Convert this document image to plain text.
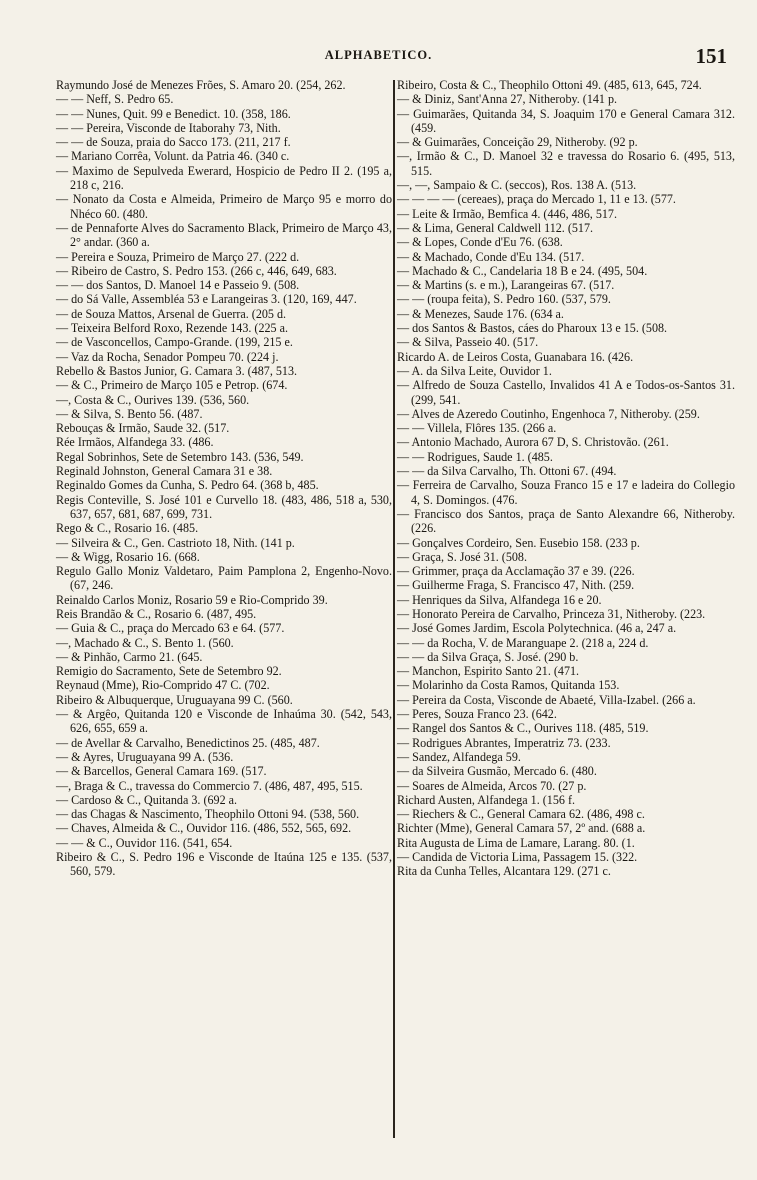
ALPHABETICO.	151

Raymundo José de Menezes Frões, S. Amaro 20. (254, 262.

— — Neff, S. Pedro 65.

— — Nunes, Quit. 99 e Benedict. 10. (358, 186.

— — Pereira, Visconde de Itaborahy 73, Nith.

— — de Souza, praia do Sacco 173. (211, 217 f.

— Mariano Corrêa, Volunt. da Patria 46. (340 c.

— Maximo de Sepulveda Ewerard, Hospicio de Pedro II 2. (195 a, 218 c, 216.

— Nonato da Costa e Almeida, Primeiro de Março 95 e morro do Nhéco 60. (480.

— de Pennaforte Alves do Sacramento Black, Primeiro de Março 43, 2° andar. (360 a.

— Pereira e Souza, Primeiro de Março 27. (222 d.

— Ribeiro de Castro, S. Pedro 153. (266 c, 446, 649, 683.

— — dos Santos, D. Manoel 14 e Passeio 9. (508.

— do Sá Valle, Assembléa 53 e Larangeiras 3. (120, 169, 447.

— de Souza Mattos, Arsenal de Guerra. (205 d.

— Teixeira Belford Roxo, Rezende 143. (225 a.

— de Vasconcellos, Campo-Grande. (199, 215 e.

— Vaz da Rocha, Senador Pompeu 70. (224 j.

Rebello & Bastos Junior, G. Camara 3. (487, 513.

— & C., Primeiro de Março 105 e Petrop. (674.

—, Costa & C., Ourives 139. (536, 560.

— & Silva, S. Bento 56. (487.

Rebouças & Irmão, Saude 32. (517.

Rée Irmãos, Alfandega 33. (486.

Regal Sobrinhos, Sete de Setembro 143. (536, 549.

Reginald Johnston, General Camara 31 e 38.

Reginaldo Gomes da Cunha, S. Pedro 64. (368 b, 485.

Regis Conteville, S. José 101 e Curvello 18. (483, 486, 518 a, 530, 637, 657, 681, 687, 699, 731.

Rego & C., Rosario 16. (485.

— Silveira & C., Gen. Castrioto 18, Nith. (141 p.

— & Wigg, Rosario 16. (668.

Regulo Gallo Moniz Valdetaro, Paim Pamplona 2, Engenho-Novo. (67, 246.

Reinaldo Carlos Moniz, Rosario 59 e Rio-Comprido 39.

Reis Brandão & C., Rosario 6. (487, 495.

— Guia & C., praça do Mercado 63 e 64. (577.

—, Machado & C., S. Bento 1. (560.

— & Pinhão, Carmo 21. (645.

Remigio do Sacramento, Sete de Setembro 92.

Reynaud (Mme), Rio-Comprido 47 C. (702.

Ribeiro & Albuquerque, Uruguayana 99 C. (560.

— & Argêo, Quitanda 120 e Visconde de Inhaúma 30. (542, 543, 626, 655, 659 a.

— de Avellar & Carvalho, Benedictinos 25. (485, 487.

— & Ayres, Uruguayana 99 A. (536.

— & Barcellos, General Camara 169. (517.

—, Braga & C., travessa do Commercio 7. (486, 487, 495, 515.

— Cardoso & C., Quitanda 3. (692 a.

— das Chagas & Nascimento, Theophilo Ottoni 94. (538, 560.

— Chaves, Almeida & C., Ouvidor 116. (486, 552, 565, 692.

— — & C., Ouvidor 116. (541, 654.

Ribeiro & C., S. Pedro 196 e Visconde de Itaúna 125 e 135. (537, 560, 579.

Ribeiro, Costa & C., Theophilo Ottoni 49. (485, 613, 645, 724.

— & Diniz, Sant'Anna 27, Nitheroby. (141 p.

— Guimarães, Quitanda 34, S. Joaquim 170 e General Camara 312. (459.

— & Guimarães, Conceição 29, Nitheroby. (92 p.

—, Irmão & C., D. Manoel 32 e travessa do Rosario 6. (495, 513, 515.

—, —, Sampaio & C. (seccos), Ros. 138 A. (513.

— — — — (cereaes), praça do Mercado 1, 11 e 13. (577.

— Leite & Irmão, Bemfica 4. (446, 486, 517.

— & Lima, General Caldwell 112. (517.

— & Lopes, Conde d'Eu 76. (638.

— & Machado, Conde d'Eu 134. (517.

— Machado & C., Candelaria 18 B e 24. (495, 504.

— & Martins (s. e m.), Larangeiras 67. (517.

— — (roupa feita), S. Pedro 160. (537, 579.

— & Menezes, Saude 176. (634 a.

— dos Santos & Bastos, cáes do Pharoux 13 e 15. (508.

— & Silva, Passeio 40. (517.

Ricardo A. de Leiros Costa, Guanabara 16. (426.

— A. da Silva Leite, Ouvidor 1.

— Alfredo de Souza Castello, Invalidos 41 A e Todos-os-Santos 31. (299, 541.

— Alves de Azeredo Coutinho, Engenhoca 7, Nitheroby. (259.

— — Villela, Flôres 135. (266 a.

— Antonio Machado, Aurora 67 D, S. Christovão. (261.

— — Rodrigues, Saude 1. (485.

— — da Silva Carvalho, Th. Ottoni 67. (494.

— Ferreira de Carvalho, Souza Franco 15 e 17 e ladeira do Collegio 4, S. Domingos. (476.

— Francisco dos Santos, praça de Santo Alexandre 66, Nitheroby. (226.

— Gonçalves Cordeiro, Sen. Eusebio 158. (233 p.

— Graça, S. José 31. (508.

— Grimmer, praça da Acclamação 37 e 39. (226.

— Guilherme Fraga, S. Francisco 47, Nith. (259.

— Henriques da Silva, Alfandega 16 e 20.

— Honorato Pereira de Carvalho, Princeza 31, Nitheroby. (223.

— José Gomes Jardim, Escola Polytechnica. (46 a, 247 a.

— — da Rocha, V. de Maranguape 2. (218 a, 224 d.

— — da Silva Graça, S. José. (290 b.

— Manchon, Espirito Santo 21. (471.

— Molarinho da Costa Ramos, Quitanda 153.

— Pereira da Costa, Visconde de Abaeté, Villa-Izabel. (266 a.

— Peres, Souza Franco 23. (642.

— Rangel dos Santos & C., Ourives 118. (485, 519.

— Rodrigues Abrantes, Imperatriz 73. (233.

— Sandez, Alfandega 59.

— da Silveira Gusmão, Mercado 6. (480.

— Soares de Almeida, Arcos 70. (27 p.

Richard Austen, Alfandega 1. (156 f.

— Riechers & C., General Camara 62. (486, 498 c.

Richter (Mme), General Camara 57, 2º and. (688 a.

Rita Augusta de Lima de Lamare, Larang. 80. (1.

— Candida de Victoria Lima, Passagem 15. (322.

Rita da Cunha Telles, Alcantara 129. (271 c.
